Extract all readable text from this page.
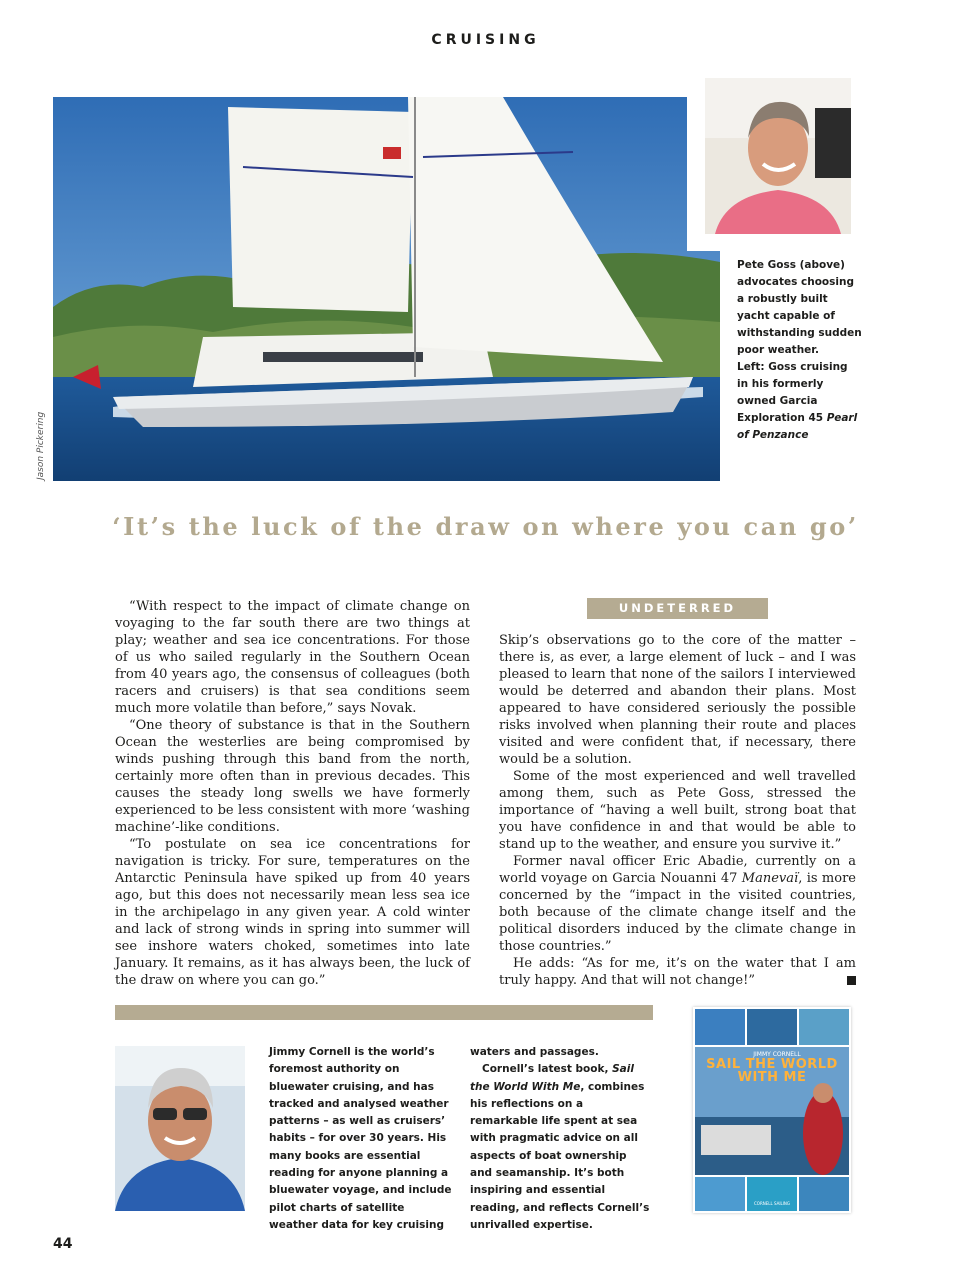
CRUISING
Jason Pickering
Pete Goss (above) advocates choosing a robustly built yacht capable of withstanding sudden poor weather.
Left: Goss cruising in his formerly owned Garcia Exploration 45 Pearl of Penzance
‘It’s the luck of the draw on where you can go’

“With respect to the impact of climate change on voyaging to the far south there are two things at play; weather and sea ice concentrations. For those of us who sailed regularly in the Southern Ocean from 40 years ago, the consensus of colleagues (both racers and cruisers) is that sea conditions seem much more volatile than before,” says Novak.

“One theory of substance is that in the Southern Ocean the westerlies are being compromised by winds pushing through this band from the north, certainly more often than in previous decades. This causes the steady long swells we have formerly experienced to be less consistent with more ‘washing machine’-like conditions.

“To postulate on sea ice concentrations for navigation is tricky. For sure, temperatures on the Antarctic Peninsula have spiked up from 40 years ago, but this does not necessarily mean less sea ice in the archipelago in any given year. A cold winter and lack of strong winds in spring into summer will see inshore waters choked, sometimes into late January. It remains, as it has always been, the luck of the draw on where you can go.”

UNDETERRED

Skip’s observations go to the core of the matter – there is, as ever, a large element of luck – and I was pleased to learn that none of the sailors I interviewed would be deterred and abandon their plans. Most appeared to have considered seriously the possible risks involved when planning their route and places visited and were confident that, if necessary, there would be a solution.

Some of the most experienced and well travelled among them, such as Pete Goss, stressed the importance of “having a well built, strong boat that you have confidence in and that would be able to stand up to the weather, and ensure you survive it.”

Former naval officer Eric Abadie, currently on a world voyage on Garcia Nouanni 47 Manevaï, is more concerned by the “impact in the visited countries, both because of the climate change itself and the political disorders induced by the climate change in those countries.”

He adds: “As for me, it’s on the water that I am truly happy. And that will not change!”

Jimmy Cornell is the world’s foremost authority on bluewater cruising, and has tracked and analysed weather patterns – as well as cruisers’ habits – for over 30 years. His many books are essential reading for anyone planning a bluewater voyage, and include pilot charts of satellite weather data for key cruising

waters and passages.

Cornell’s latest book, Sail the World With Me, combines his reflections on a remarkable life spent at sea with pragmatic advice on all aspects of boat ownership and seamanship. It’s both inspiring and essential reading, and reflects Cornell’s unrivalled expertise.

JIMMY CORNELL
SAIL THE WORLD WITH ME
CORNELL SAILING
44
